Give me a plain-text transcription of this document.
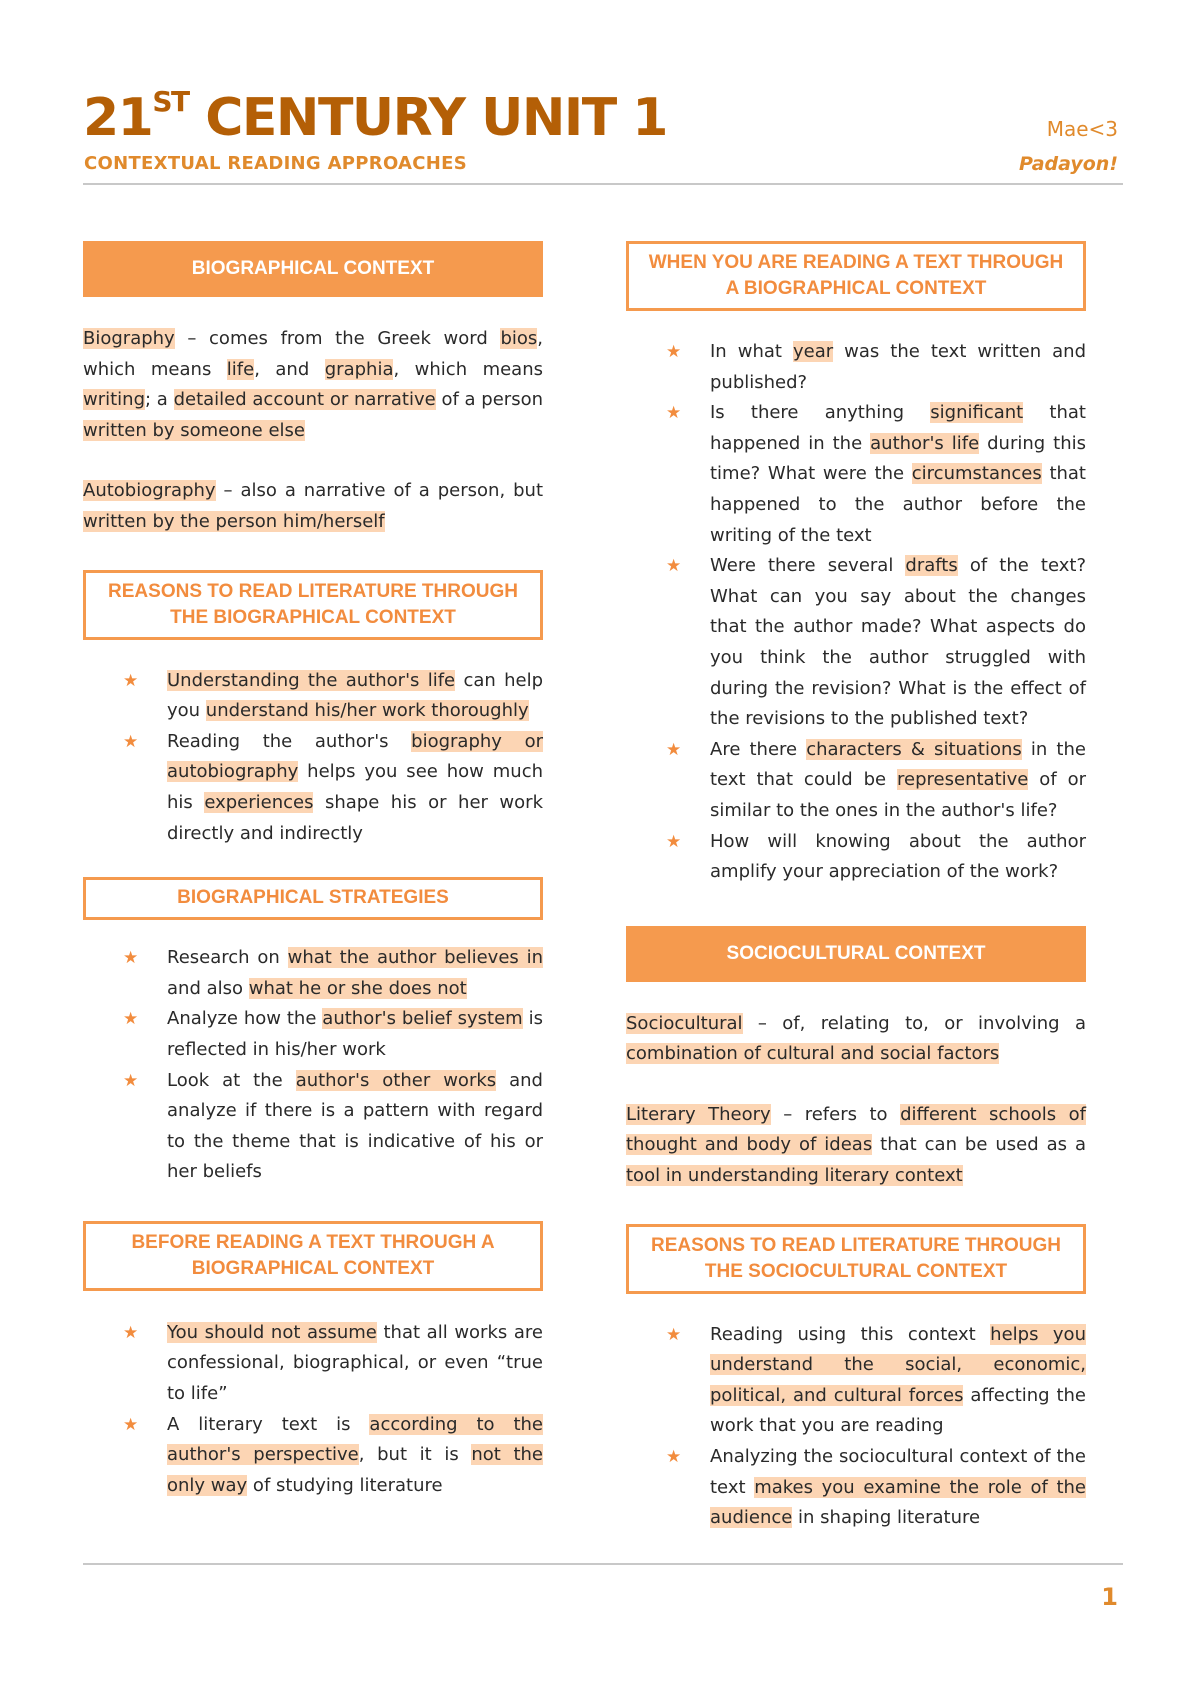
21ST CENTURY UNIT 1
CONTEXTUAL READING APPROACHES
Mae<3
Padayon!
BIOGRAPHICAL CONTEXT

Biography – comes from the Greek word bios, which means life, and graphia, which means writing; a detailed account or narrative of a person written by someone else

Autobiography – also a narrative of a person, but written by the person him/herself

REASONS TO READ LITERATURE THROUGH
THE BIOGRAPHICAL CONTEXT
★ Understanding the author's life can help you understand his/her work thoroughly
★ Reading the author's biography or autobiography helps you see how much his experiences shape his or her work directly and indirectly
BIOGRAPHICAL STRATEGIES
★ Research on what the author believes in and also what he or she does not
★ Analyze how the author's belief system is reflected in his/her work
★ Look at the author's other works and analyze if there is a pattern with regard to the theme that is indicative of his or her beliefs
BEFORE READING A TEXT THROUGH A
BIOGRAPHICAL CONTEXT
★ You should not assume that all works are confessional, biographical, or even “true to life”
★ A literary text is according to the author's perspective, but it is not the only way of studying literature
WHEN YOU ARE READING A TEXT THROUGH
A BIOGRAPHICAL CONTEXT
★ In what year was the text written and published?
★ Is there anything significant that happened in the author's life during this time? What were the circumstances that happened to the author before the writing of the text
★ Were there several drafts of the text? What can you say about the changes that the author made? What aspects do you think the author struggled with during the revision? What is the effect of the revisions to the published text?
★ Are there characters & situations in the text that could be representative of or similar to the ones in the author's life?
★ How will knowing about the author amplify your appreciation of the work?
SOCIOCULTURAL CONTEXT

Sociocultural – of, relating to, or involving a combination of cultural and social factors

Literary Theory – refers to different schools of thought and body of ideas that can be used as a tool in understanding literary context

REASONS TO READ LITERATURE THROUGH
THE SOCIOCULTURAL CONTEXT
★ Reading using this context helps you understand the social, economic, political, and cultural forces affecting the work that you are reading
★ Analyzing the sociocultural context of the text makes you examine the role of the audience in shaping literature
1
